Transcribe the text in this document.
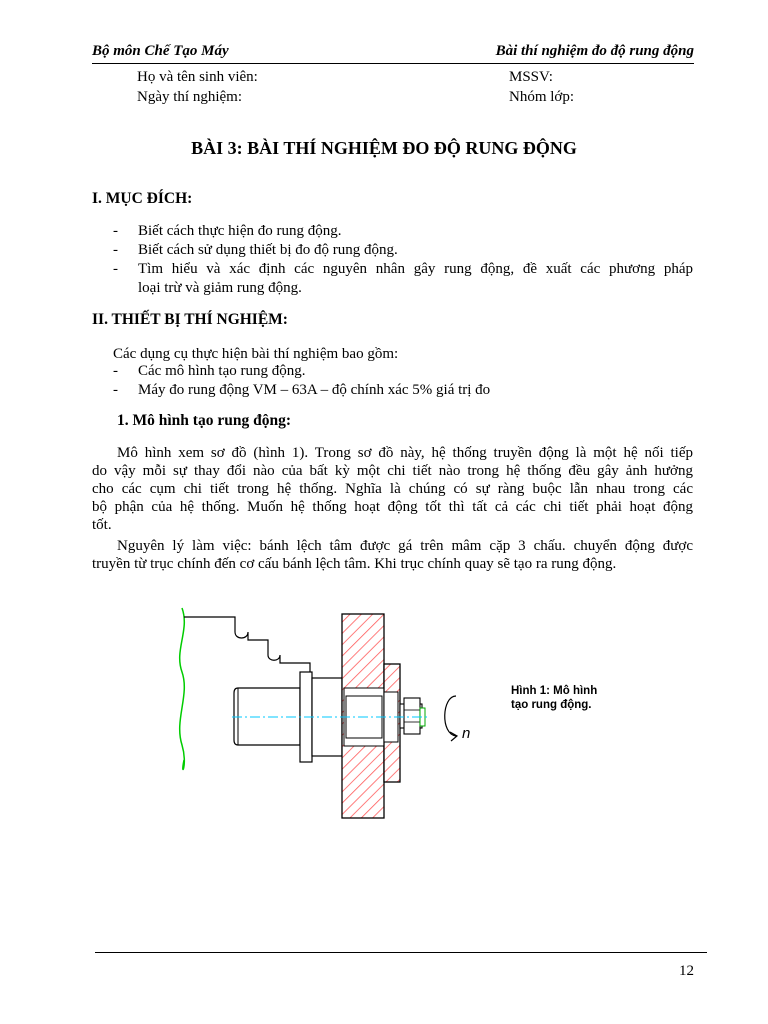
Bộ môn Chế Tạo Máy	Bài thí nghiệm đo độ rung động
Họ và tên sinh viên:	MSSV:
Ngày thí nghiệm:	Nhóm lớp:
BÀI 3: BÀI THÍ NGHIỆM ĐO ĐỘ RUNG ĐỘNG
I. MỤC ĐÍCH:
- Biết cách thực hiện đo rung động.
- Biết cách sử dụng thiết bị đo độ rung động.
- Tìm hiểu và xác định các nguyên nhân gây rung động, đề xuất các phương pháp
loại trừ và giảm rung động.
II. THIẾT BỊ THÍ NGHIỆM:
Các dụng cụ thực hiện bài thí nghiệm bao gồm:
- Các mô hình tạo rung động.
- Máy đo rung động VM – 63A – độ chính xác 5% giá trị đo
1. Mô hình tạo rung động:
Mô hình xem sơ đồ (hình 1). Trong sơ đồ này, hệ thống truyền động là một hệ nối tiếp
do vậy mỗi sự thay đổi nào của bất kỳ một chi tiết nào trong hệ thống đều gây ảnh hưởng
cho các cụm chi tiết trong hệ thống. Nghĩa là chúng có sự ràng buộc lẫn nhau trong các
bộ phận của hệ thống. Muốn hệ thống hoạt động tốt thì tất cả các chi tiết phải hoạt động
tốt.
Nguyên lý làm việc: bánh lệch tâm được gá trên mâm cặp 3 chấu. chuyển động được
truyền từ trục chính đến cơ cấu bánh lệch tâm. Khi trục chính quay sẽ tạo ra rung động.
n
Hình 1: Mô hình
tạo rung động.
12
